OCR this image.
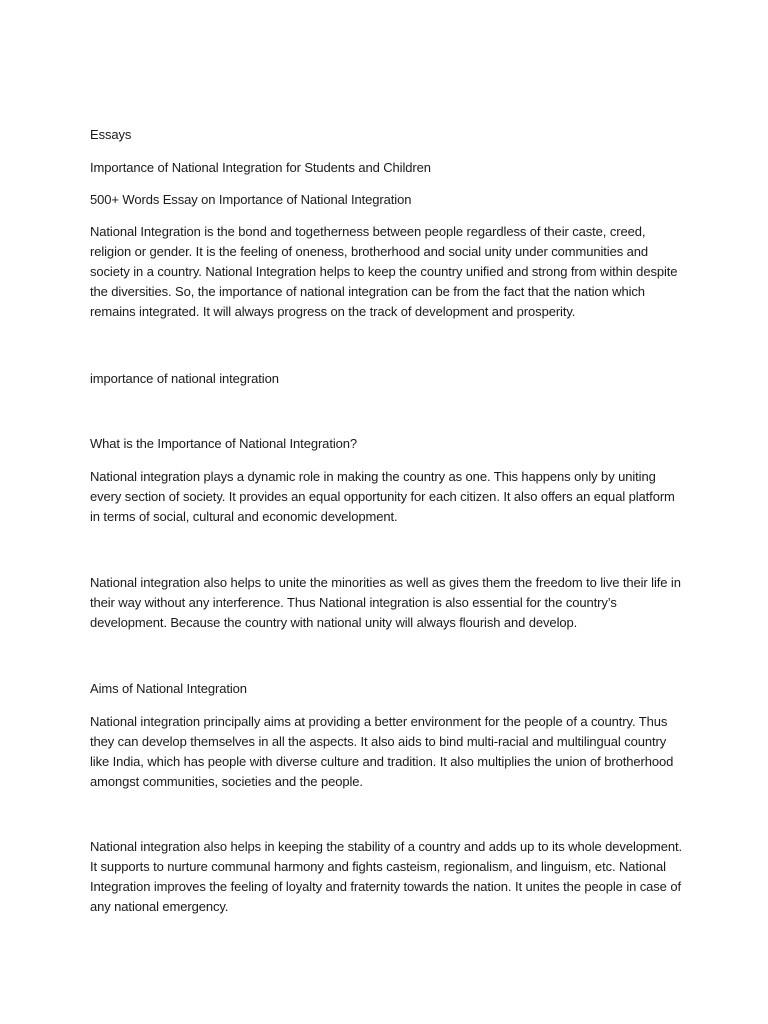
Essays

Importance of National Integration for Students and Children

500+ Words Essay on Importance of National Integration

National Integration is the bond and togetherness between people regardless of their caste, creed, religion or gender. It is the feeling of oneness, brotherhood and social unity under communities and society in a country. National Integration helps to keep the country unified and strong from within despite the diversities. So, the importance of national integration can be from the fact that the nation which remains integrated. It will always progress on the track of development and prosperity.

importance of national integration

What is the Importance of National Integration?

National integration plays a dynamic role in making the country as one. This happens only by uniting every section of society. It provides an equal opportunity for each citizen. It also offers an equal platform in terms of social, cultural and economic development.

National integration also helps to unite the minorities as well as gives them the freedom to live their life in their way without any interference. Thus National integration is also essential for the country’s development. Because the country with national unity will always flourish and develop.

Aims of National Integration

National integration principally aims at providing a better environment for the people of a country. Thus they can develop themselves in all the aspects. It also aids to bind multi-racial and multilingual country like India, which has people with diverse culture and tradition. It also multiplies the union of brotherhood amongst communities, societies and the people.

National integration also helps in keeping the stability of a country and adds up to its whole development. It supports to nurture communal harmony and fights casteism, regionalism, and linguism, etc. National Integration improves the feeling of loyalty and fraternity towards the nation. It unites the people in case of any national emergency.
